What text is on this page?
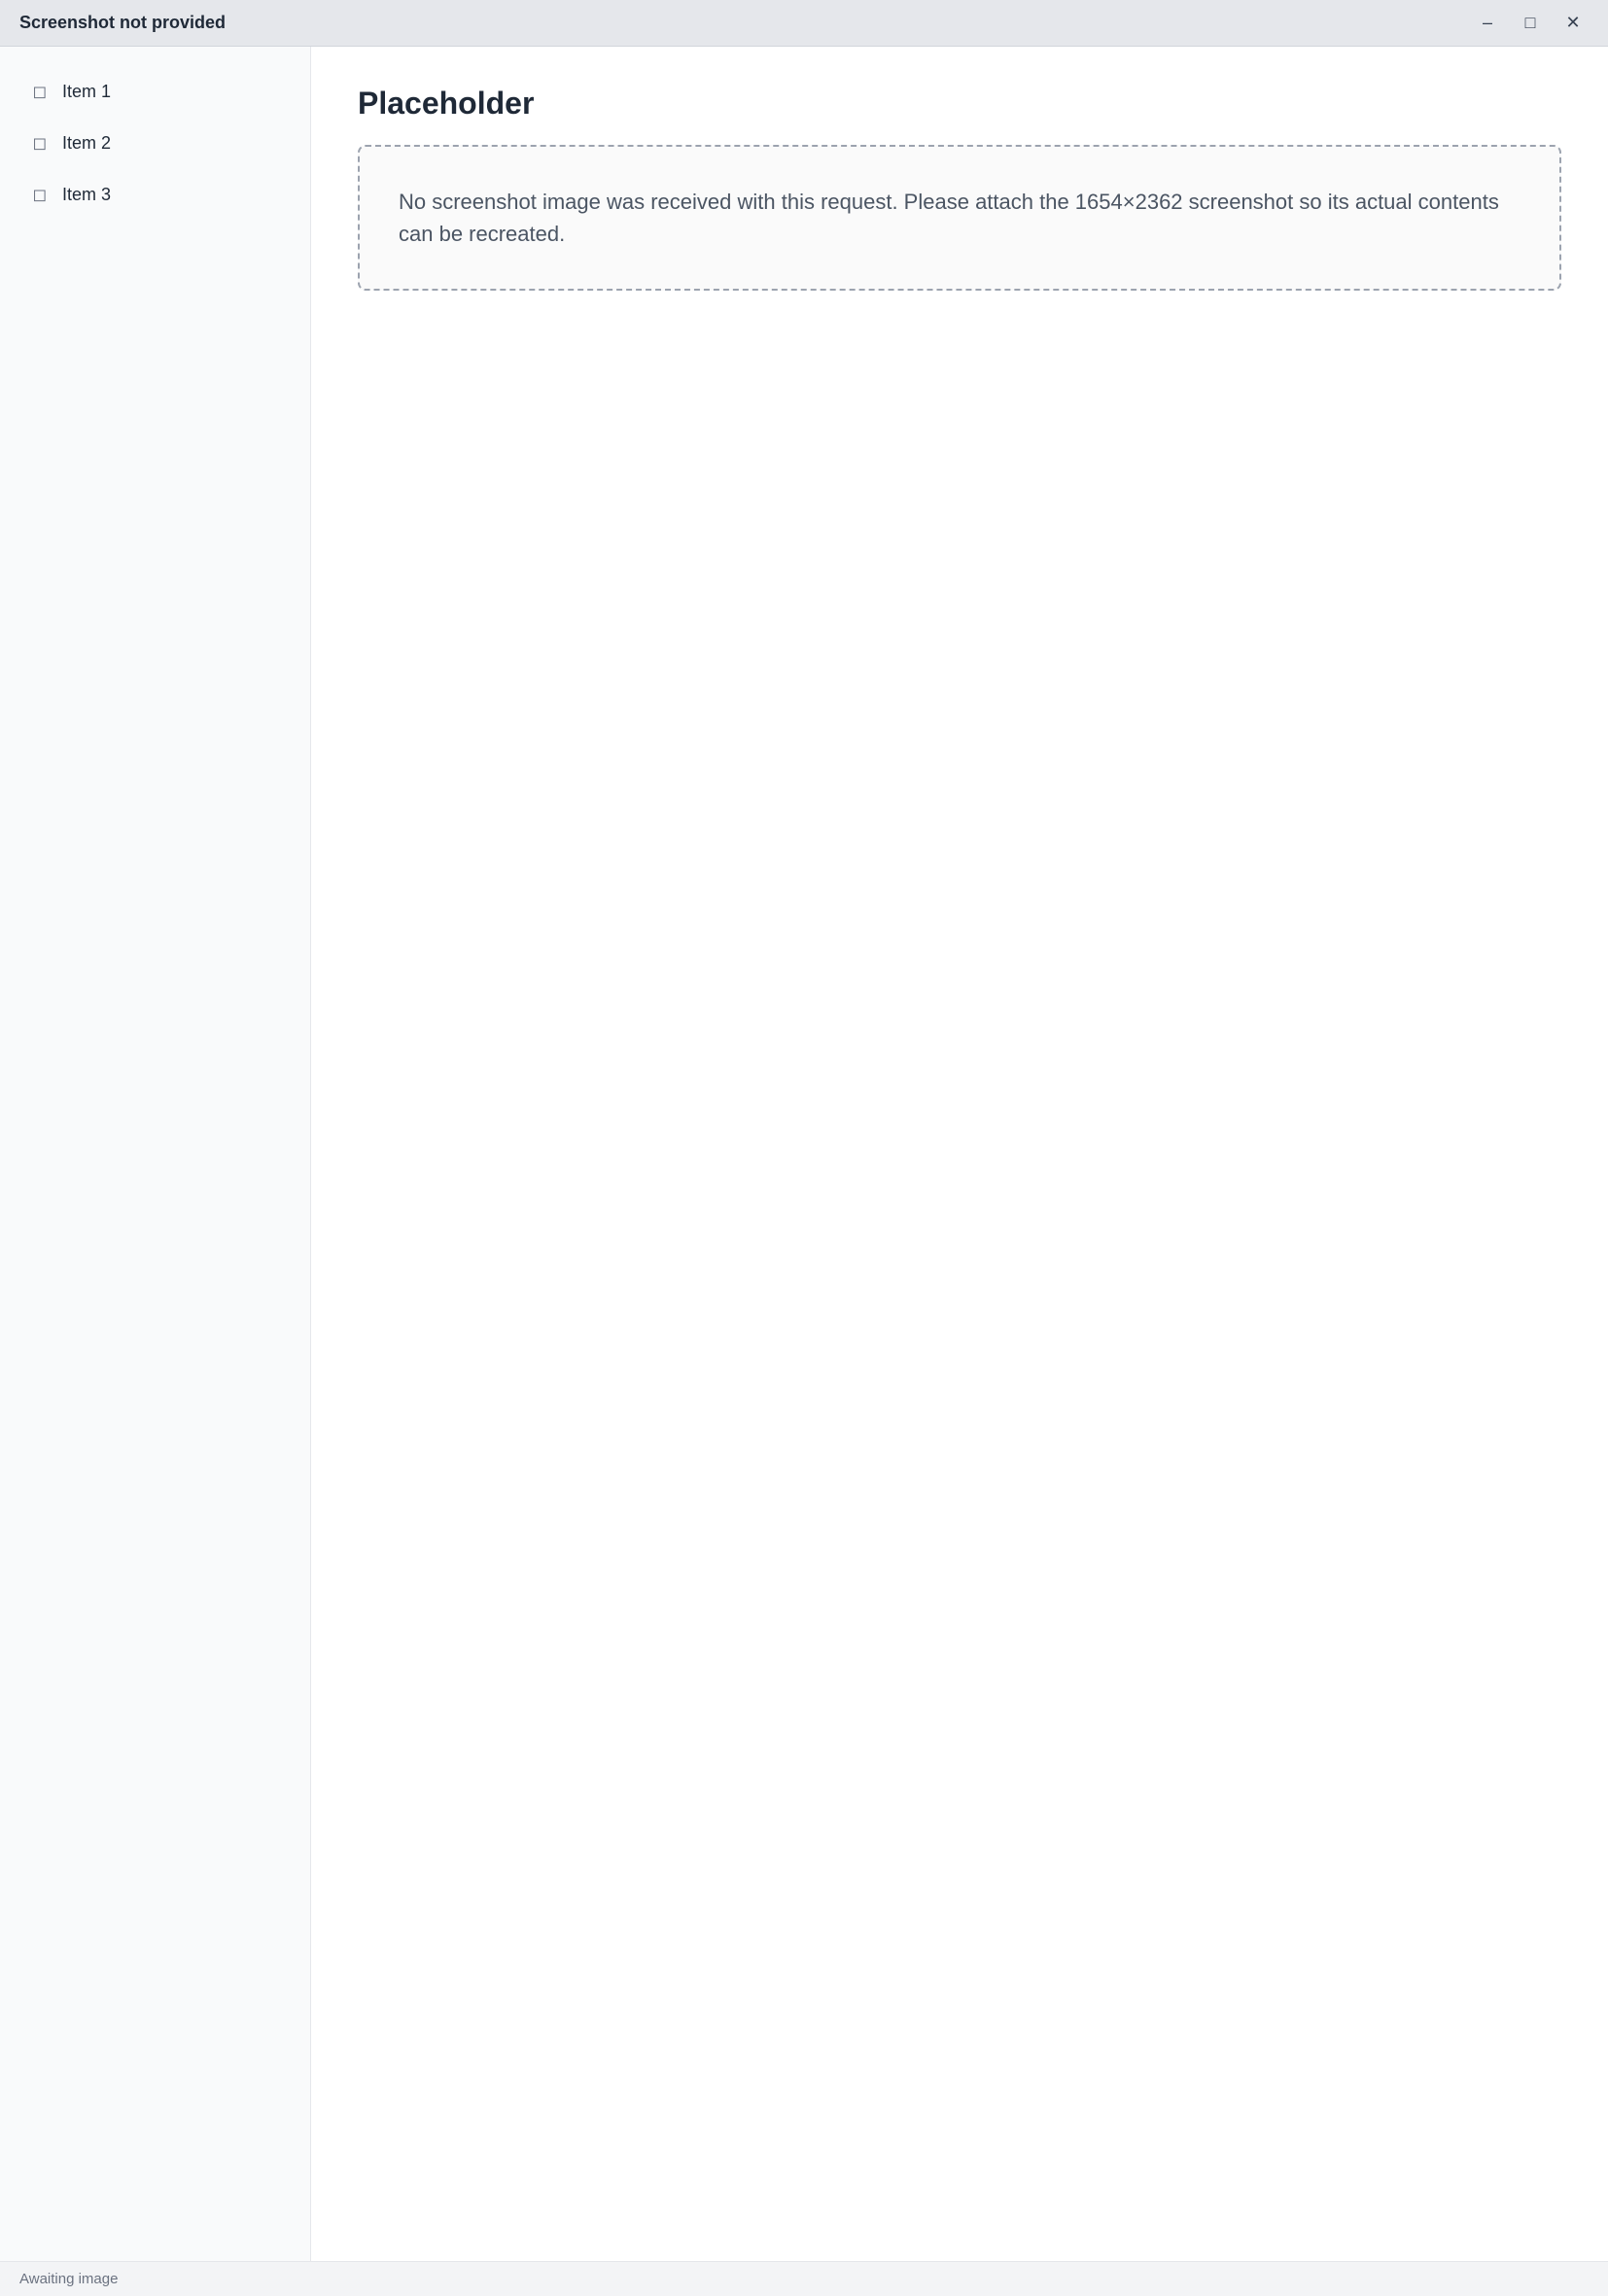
Screenshot not provided	–	□	✕
◻ Item 1
◻ Item 2
◻ Item 3
Placeholder
No screenshot image was received with this request. Please attach the 1654×2362 screenshot so its actual contents can be recreated.
Awaiting image
